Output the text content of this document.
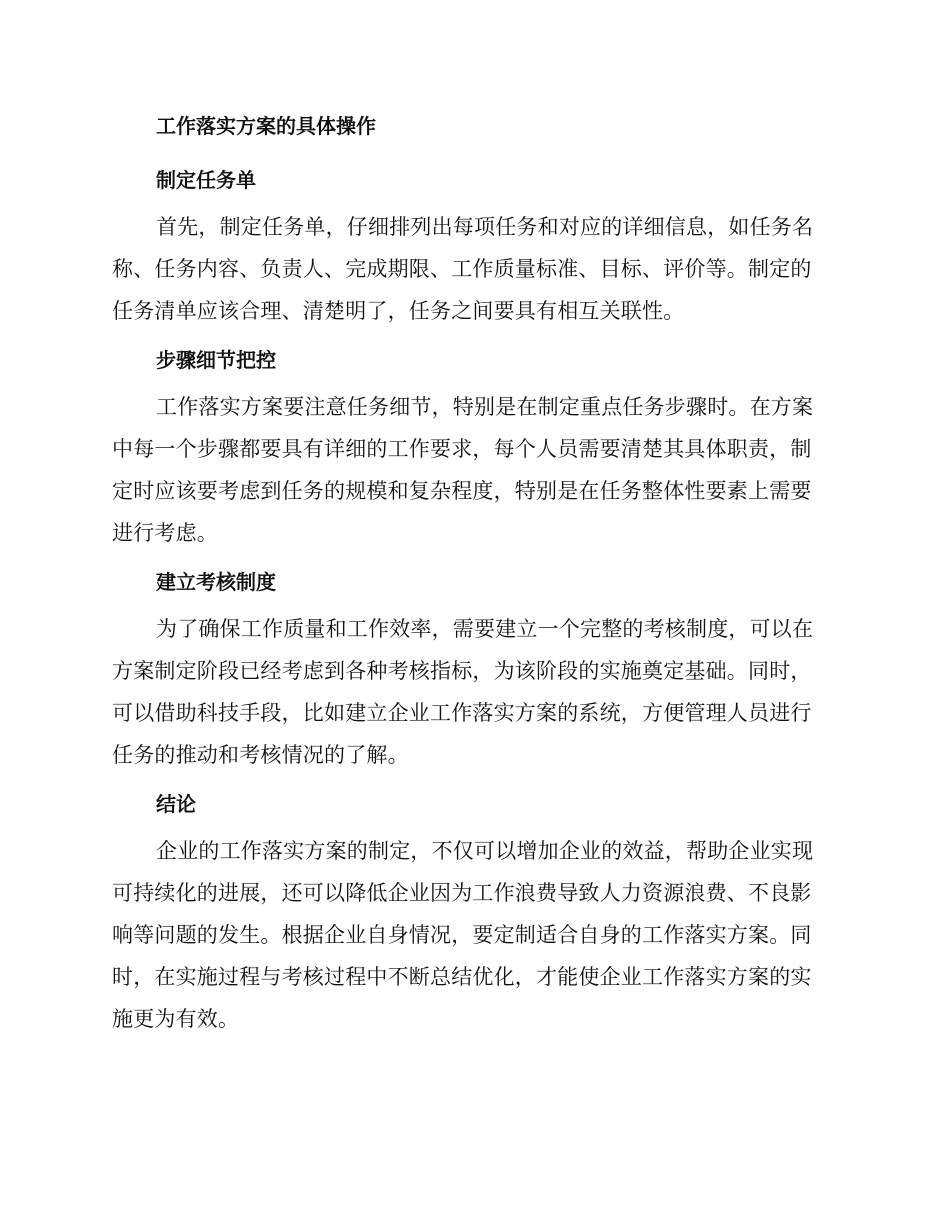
工作落实方案的具体操作
制定任务单

首先，制定任务单，仔细排列出每项任务和对应的详细信息，如任务名称、任务内容、负责人、完成期限、工作质量标准、目标、评价等。制定的任务清单应该合理、清楚明了，任务之间要具有相互关联性。

步骤细节把控

工作落实方案要注意任务细节，特别是在制定重点任务步骤时。在方案中每一个步骤都要具有详细的工作要求，每个人员需要清楚其具体职责，制定时应该要考虑到任务的规模和复杂程度，特别是在任务整体性要素上需要进行考虑。

建立考核制度

为了确保工作质量和工作效率，需要建立一个完整的考核制度，可以在方案制定阶段已经考虑到各种考核指标，为该阶段的实施奠定基础。同时，可以借助科技手段，比如建立企业工作落实方案的系统，方便管理人员进行任务的推动和考核情况的了解。

结论

企业的工作落实方案的制定，不仅可以增加企业的效益，帮助企业实现可持续化的进展，还可以降低企业因为工作浪费导致人力资源浪费、不良影响等问题的发生。根据企业自身情况，要定制适合自身的工作落实方案。同时，在实施过程与考核过程中不断总结优化，才能使企业工作落实方案的实施更为有效。
